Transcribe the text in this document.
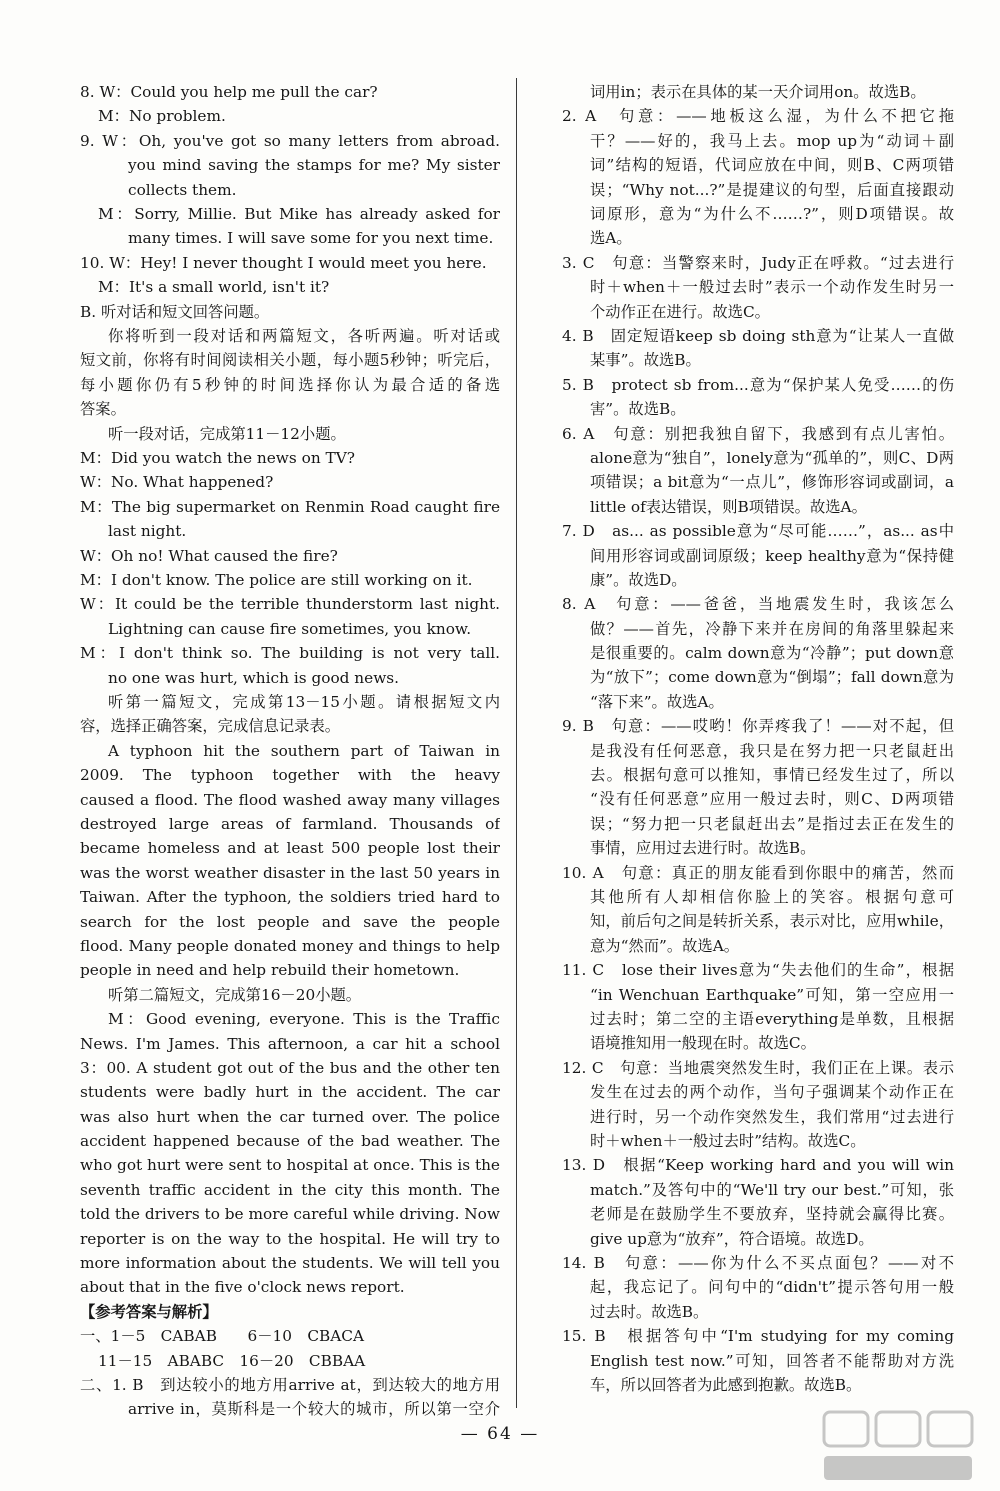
8. W：Could you help me pull the car?
M：No problem.
9. W：Oh, you've got so many letters from abroad.
you mind saving the stamps for me? My sister
collects them.
M：Sorry, Millie. But Mike has already asked for
many times. I will save some for you next time.
10. W：Hey! I never thought I would meet you here.
M：It's a small world, isn't it?
B. 听对话和短文回答问题。
你将听到一段对话和两篇短文，各听两遍。听对话或
短文前，你将有时间阅读相关小题，每小题5秒钟；听完后，
每小题你仍有5秒钟的时间选择你认为最合适的备选
答案。
听一段对话，完成第11－12小题。
M：Did you watch the news on TV?
W：No. What happened?
M：The big supermarket on Renmin Road caught fire
last night.
W：Oh no! What caused the fire?
M：I don't know. The police are still working on it.
W：It could be the terrible thunderstorm last night.
Lightning can cause fire sometimes, you know.
M：I don't think so. The building is not very tall.
no one was hurt, which is good news.
听第一篇短文，完成第13－15小题。请根据短文内
容，选择正确答案，完成信息记录表。
A typhoon hit the southern part of Taiwan in
2009. The typhoon together with the heavy
caused a flood. The flood washed away many villages
destroyed large areas of farmland. Thousands of
became homeless and at least 500 people lost their
was the worst weather disaster in the last 50 years in
Taiwan. After the typhoon, the soldiers tried hard to
search for the lost people and save the people
flood. Many people donated money and things to help
people in need and help rebuild their hometown.
听第二篇短文，完成第16－20小题。
M：Good evening, everyone. This is the Traffic
News. I'm James. This afternoon, a car hit a school
3：00. A student got out of the bus and the other ten
students were badly hurt in the accident. The car
was also hurt when the car turned over. The police
accident happened because of the bad weather. The
who got hurt were sent to hospital at once. This is the
seventh traffic accident in the city this month. The
told the drivers to be more careful while driving. Now
reporter is on the way to the hospital. He will try to
more information about the students. We will tell you
about that in the five o'clock news report.
【参考答案与解析】
一、1－5　CABAB　　6－10　CBACA
11－15　ABABC　16－20　CBBAA
二、1. B　到达较小的地方用arrive at，到达较大的地方用
arrive in，莫斯科是一个较大的城市，所以第一空介
词用in；表示在具体的某一天介词用on。故选B。
2. A　句意：——地板这么湿，为什么不把它拖
干？——好的，我马上去。mop up为“动词＋副
词”结构的短语，代词应放在中间，则B、C两项错
误；“Why not...?”是提建议的句型，后面直接跟动
词原形，意为“为什么不……?”，则D项错误。故
选A。
3. C　句意：当警察来时，Judy正在呼救。“过去进行
时＋when＋一般过去时”表示一个动作发生时另一
个动作正在进行。故选C。
4. B　固定短语keep sb doing sth意为“让某人一直做
某事”。故选B。
5. B　protect sb from...意为“保护某人免受……的伤
害”。故选B。
6. A　句意：别把我独自留下，我感到有点儿害怕。
alone意为“独自”，lonely意为“孤单的”，则C、D两
项错误；a bit意为“一点儿”，修饰形容词或副词，a
little of表达错误，则B项错误。故选A。
7. D　as... as possible意为“尽可能……”，as... as中
间用形容词或副词原级；keep healthy意为“保持健
康”。故选D。
8. A　句意：——爸爸，当地震发生时，我该怎么
做？——首先，冷静下来并在房间的角落里躲起来
是很重要的。calm down意为“冷静”；put down意
为“放下”；come down意为“倒塌”；fall down意为
“落下来”。故选A。
9. B　句意：——哎哟！你弄疼我了！——对不起，但
是我没有任何恶意，我只是在努力把一只老鼠赶出
去。根据句意可以推知，事情已经发生过了，所以
“没有任何恶意”应用一般过去时，则C、D两项错
误；“努力把一只老鼠赶出去”是指过去正在发生的
事情，应用过去进行时。故选B。
10. A　句意：真正的朋友能看到你眼中的痛苦，然而
其他所有人却相信你脸上的笑容。根据句意可
知，前后句之间是转折关系，表示对比，应用while，
意为“然而”。故选A。
11. C　lose their lives意为“失去他们的生命”，根据
“in Wenchuan Earthquake”可知，第一空应用一
过去时；第二空的主语everything是单数，且根据
语境推知用一般现在时。故选C。
12. C　句意：当地震突然发生时，我们正在上课。表示
发生在过去的两个动作，当句子强调某个动作正在
进行时，另一个动作突然发生，我们常用“过去进行
时＋when＋一般过去时”结构。故选C。
13. D　根据“Keep working hard and you will win
match.”及答句中的“We'll try our best.”可知，张
老师是在鼓励学生不要放弃，坚持就会赢得比赛。
give up意为“放弃”，符合语境。故选D。
14. B　句意：——你为什么不买点面包？——对不
起，我忘记了。问句中的“didn't”提示答句用一般
过去时。故选B。
15. B　根据答句中“I'm studying for my coming
English test now.”可知，回答者不能帮助对方洗
车，所以回答者为此感到抱歉。故选B。
— 64 —
